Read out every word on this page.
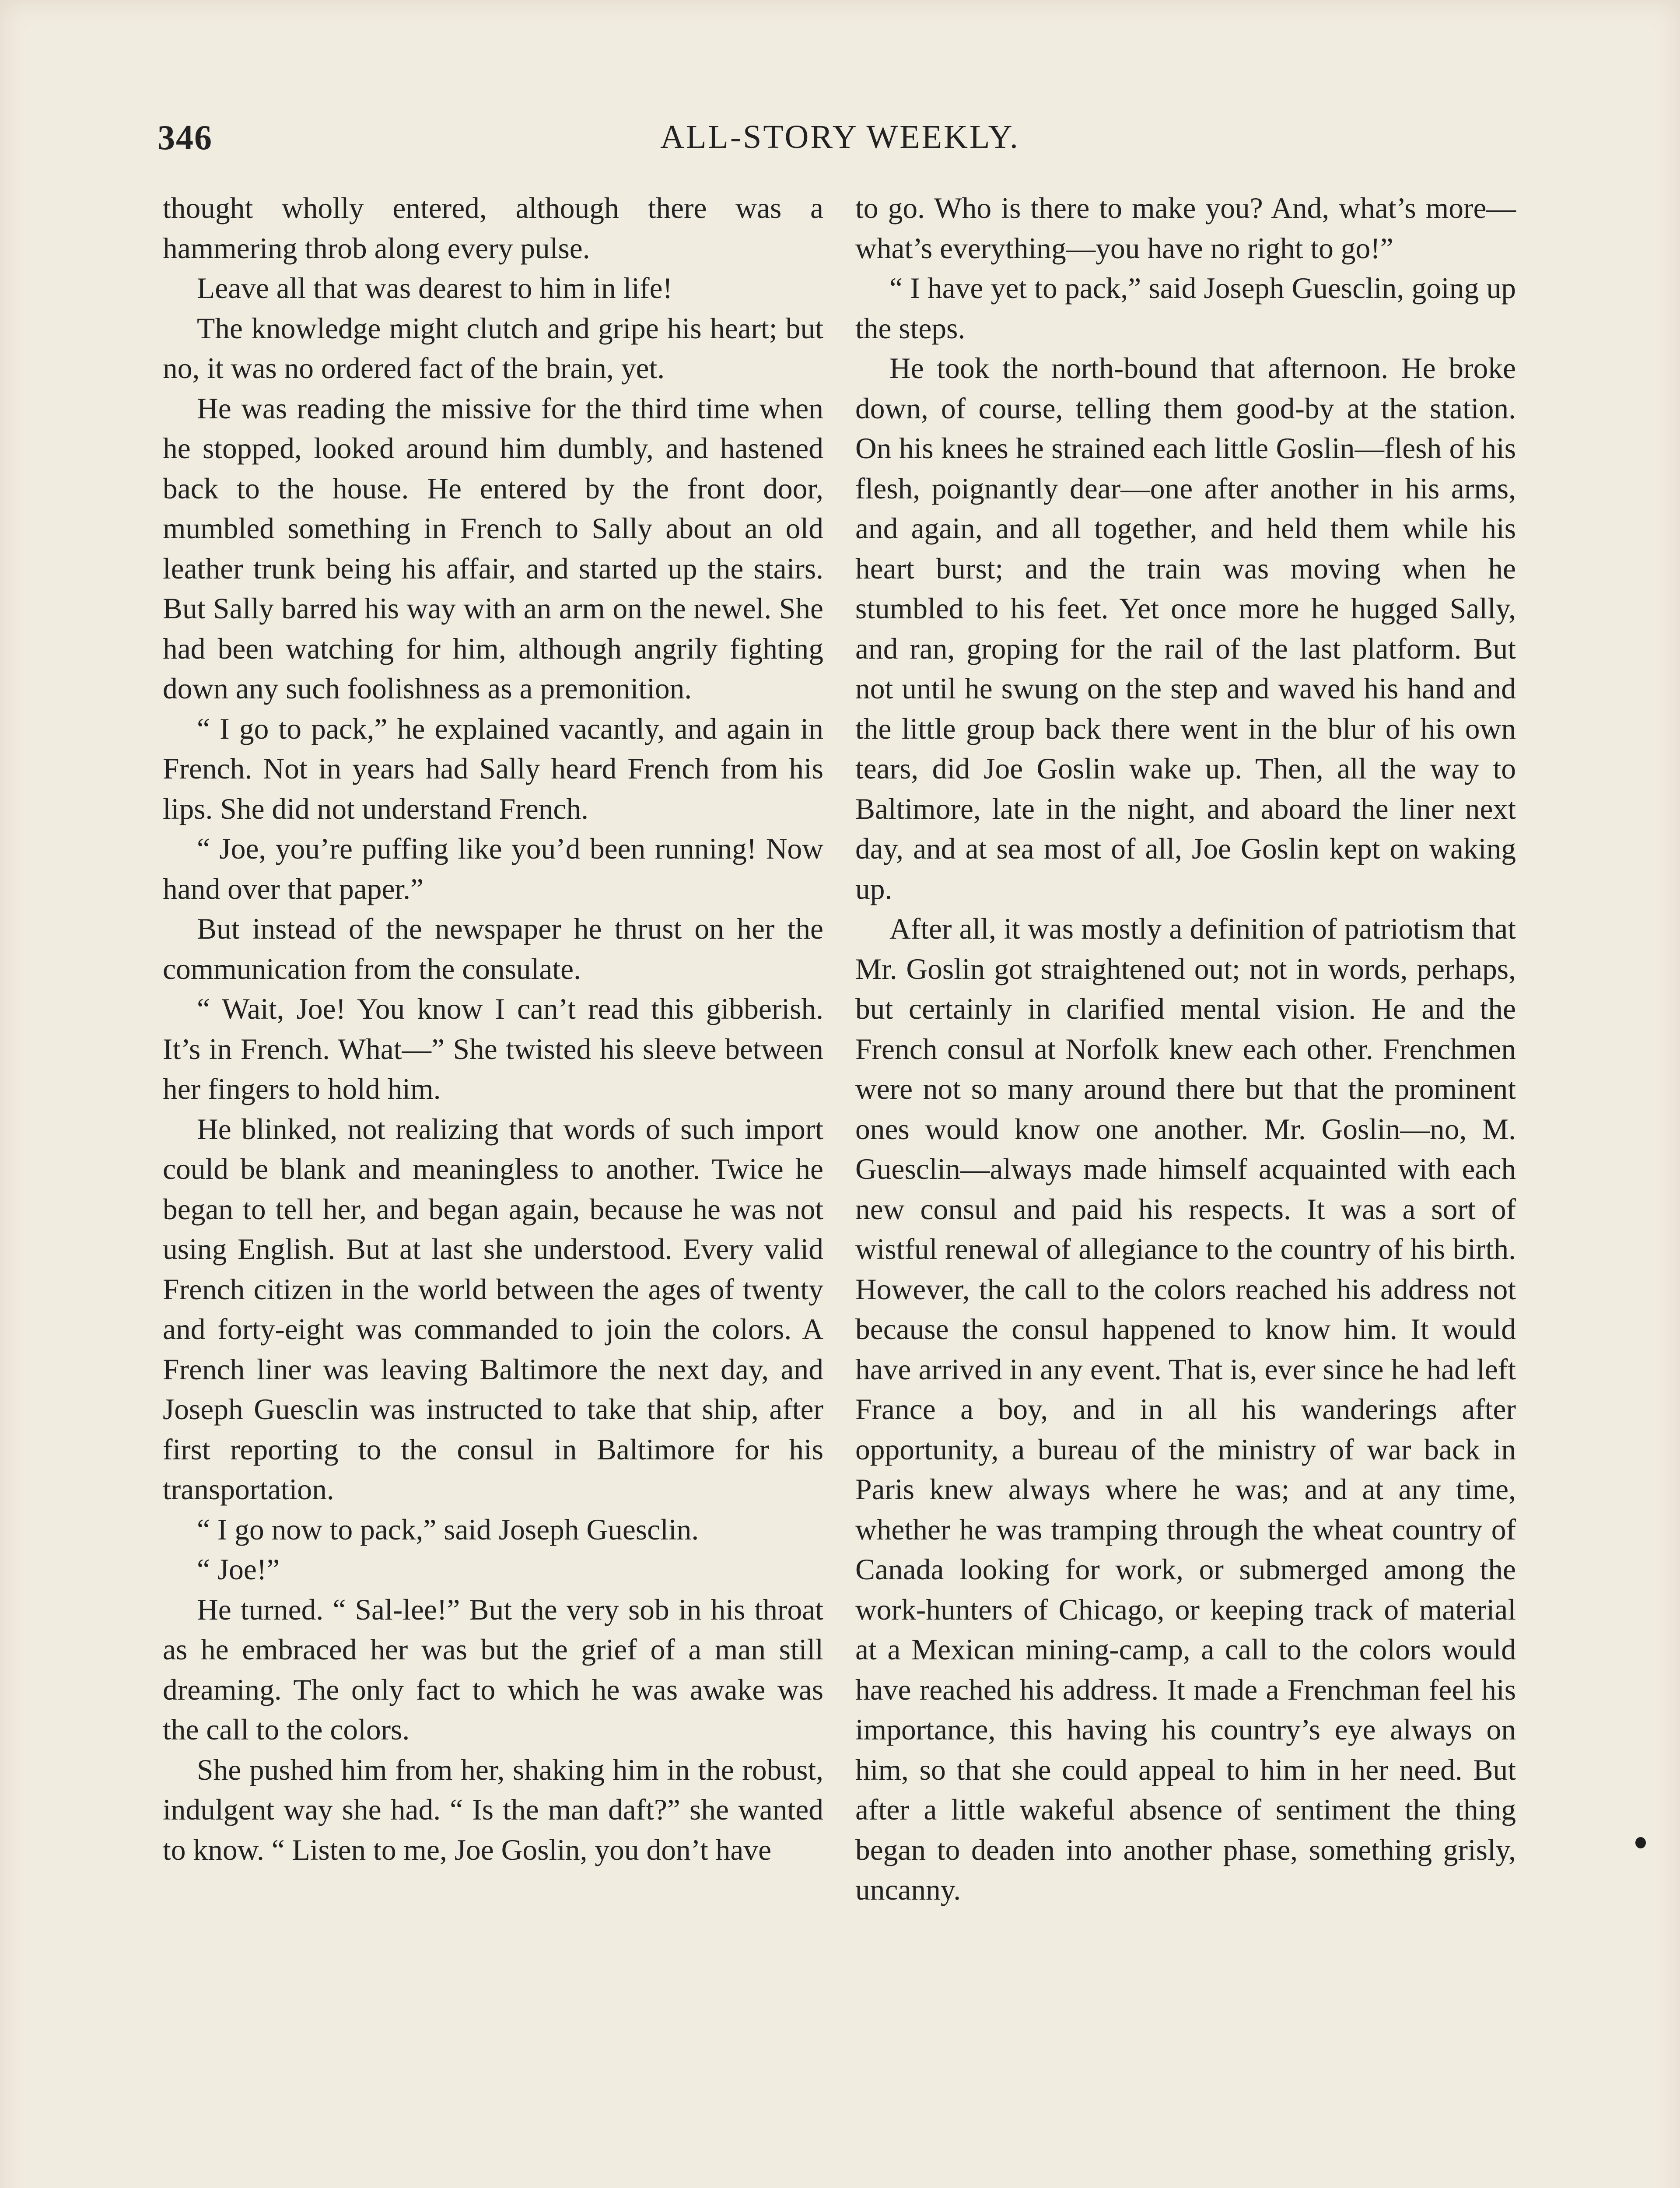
346	ALL-STORY WEEKLY.

thought wholly entered, although there was a hammering throb along every pulse.

Leave all that was dearest to him in life!

The knowledge might clutch and gripe his heart; but no, it was no ordered fact of the brain, yet.

He was reading the missive for the third time when he stopped, looked around him dumbly, and hastened back to the house. He entered by the front door, mumbled something in French to Sally about an old leather trunk being his affair, and started up the stairs. But Sally barred his way with an arm on the newel. She had been watching for him, although angrily fighting down any such foolishness as a premonition.

“ I go to pack,” he explained vacantly, and again in French. Not in years had Sally heard French from his lips. She did not understand French.

“ Joe, you’re puffing like you’d been running! Now hand over that paper.”

But instead of the newspaper he thrust on her the communication from the consulate.

“ Wait, Joe! You know I can’t read this gibberish. It’s in French. What—” She twisted his sleeve between her fingers to hold him.

He blinked, not realizing that words of such import could be blank and meaningless to another. Twice he began to tell her, and began again, because he was not using English. But at last she understood. Every valid French citizen in the world between the ages of twenty and forty-eight was commanded to join the colors. A French liner was leaving Baltimore the next day, and Joseph Guesclin was instructed to take that ship, after first reporting to the consul in Baltimore for his transportation.

“ I go now to pack,” said Joseph Guesclin.

“ Joe!”

He turned. “ Sal-lee!” But the very sob in his throat as he embraced her was but the grief of a man still dreaming. The only fact to which he was awake was the call to the colors.

She pushed him from her, shaking him in the robust, indulgent way she had. “ Is the man daft?” she wanted to know. “ Listen to me, Joe Goslin, you don’t have

to go. Who is there to make you? And, what’s more—what’s everything—you have no right to go!”

“ I have yet to pack,” said Joseph Guesclin, going up the steps.

He took the north-bound that afternoon. He broke down, of course, telling them good-by at the station. On his knees he strained each little Goslin—flesh of his flesh, poignantly dear—one after another in his arms, and again, and all together, and held them while his heart burst; and the train was moving when he stumbled to his feet. Yet once more he hugged Sally, and ran, groping for the rail of the last platform. But not until he swung on the step and waved his hand and the little group back there went in the blur of his own tears, did Joe Goslin wake up. Then, all the way to Baltimore, late in the night, and aboard the liner next day, and at sea most of all, Joe Goslin kept on waking up.

After all, it was mostly a definition of patriotism that Mr. Goslin got straightened out; not in words, perhaps, but certainly in clarified mental vision. He and the French consul at Norfolk knew each other. Frenchmen were not so many around there but that the prominent ones would know one another. Mr. Goslin—no, M. Guesclin—always made himself acquainted with each new consul and paid his respects. It was a sort of wistful renewal of allegiance to the country of his birth. However, the call to the colors reached his address not because the consul happened to know him. It would have arrived in any event. That is, ever since he had left France a boy, and in all his wanderings after opportunity, a bureau of the ministry of war back in Paris knew always where he was; and at any time, whether he was tramping through the wheat country of Canada looking for work, or submerged among the work-hunters of Chicago, or keeping track of material at a Mexican mining-camp, a call to the colors would have reached his address. It made a Frenchman feel his importance, this having his country’s eye always on him, so that she could appeal to him in her need. But after a little wakeful absence of sentiment the thing began to deaden into another phase, something grisly, uncanny.
